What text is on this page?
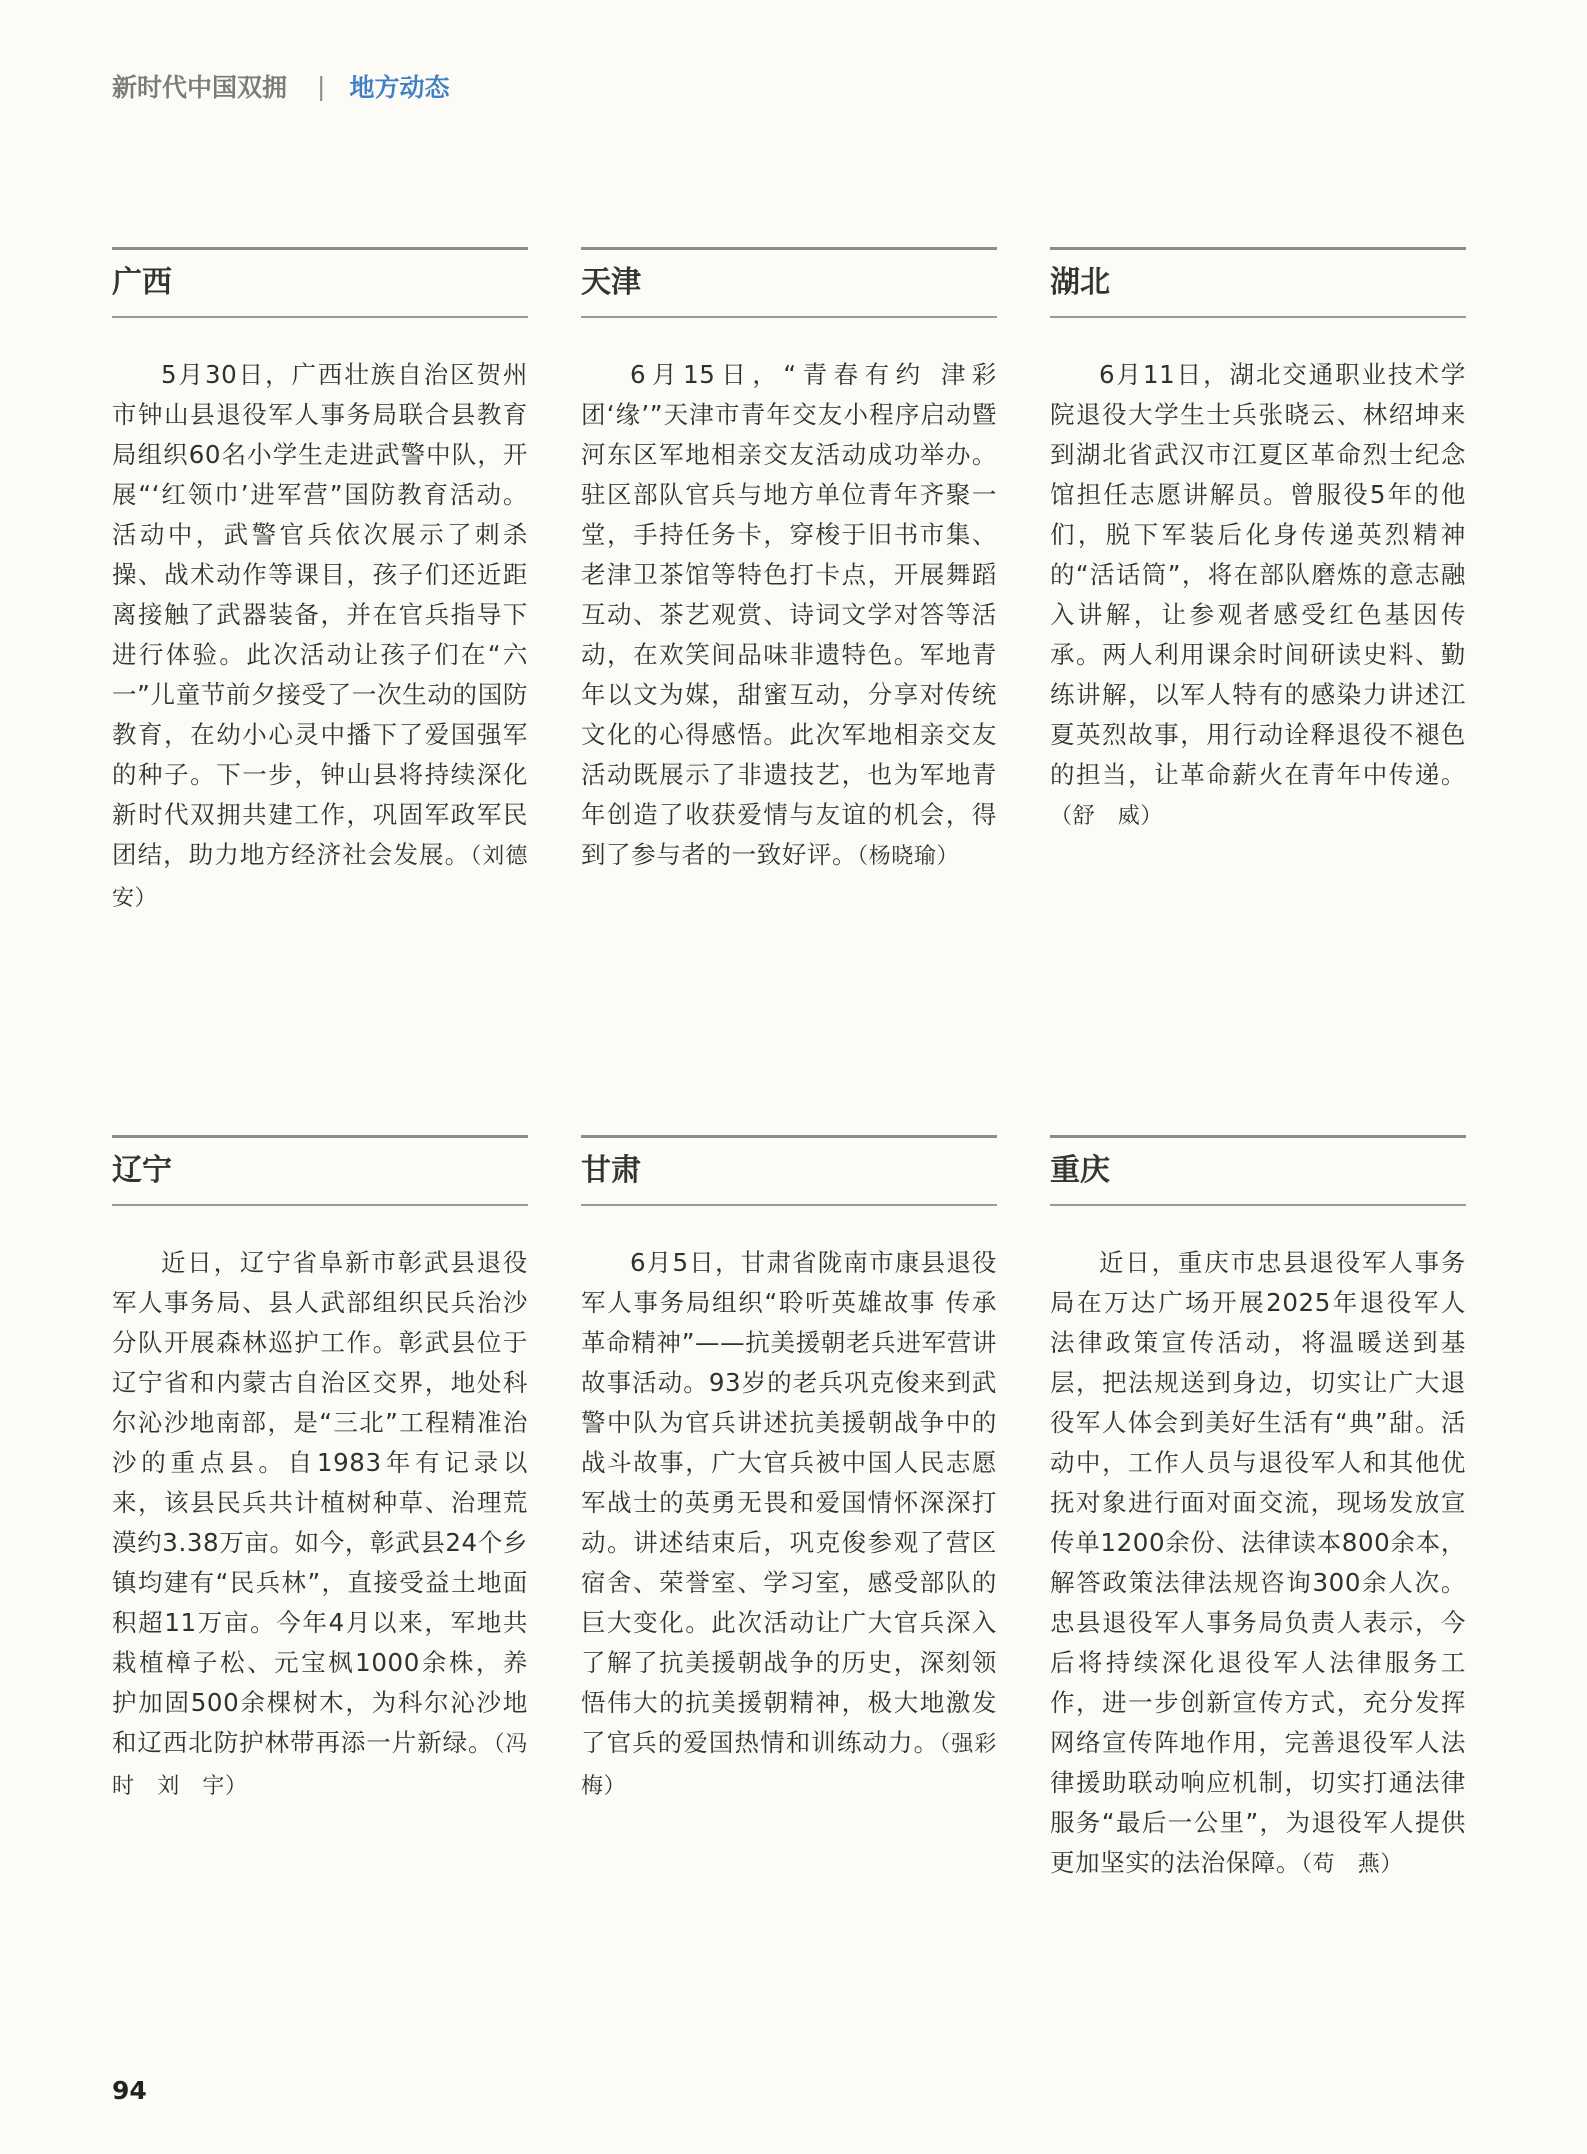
新时代中国双拥 | 地方动态
广西
5月30日，广西壮族自治区贺州市钟山县退役军人事务局联合县教育局组织60名小学生走进武警中队，开展“‘红领巾’进军营”国防教育活动。活动中，武警官兵依次展示了刺杀操、战术动作等课目，孩子们还近距离接触了武器装备，并在官兵指导下进行体验。此次活动让孩子们在“六一”儿童节前夕接受了一次生动的国防教育，在幼小心灵中播下了爱国强军的种子。下一步，钟山县将持续深化新时代双拥共建工作，巩固军政军民团结，助力地方经济社会发展。（刘德安）
天津
6月15日，“青春有约 津彩团‘缘’”天津市青年交友小程序启动暨河东区军地相亲交友活动成功举办。驻区部队官兵与地方单位青年齐聚一堂，手持任务卡，穿梭于旧书市集、老津卫茶馆等特色打卡点，开展舞蹈互动、茶艺观赏、诗词文学对答等活动，在欢笑间品味非遗特色。军地青年以文为媒，甜蜜互动，分享对传统文化的心得感悟。此次军地相亲交友活动既展示了非遗技艺，也为军地青年创造了收获爱情与友谊的机会，得到了参与者的一致好评。（杨晓瑜）
湖北
6月11日，湖北交通职业技术学院退役大学生士兵张晓云、林绍坤来到湖北省武汉市江夏区革命烈士纪念馆担任志愿讲解员。曾服役5年的他们，脱下军装后化身传递英烈精神的“活话筒”，将在部队磨炼的意志融入讲解，让参观者感受红色基因传承。两人利用课余时间研读史料、勤练讲解，以军人特有的感染力讲述江夏英烈故事，用行动诠释退役不褪色的担当，让革命薪火在青年中传递。（舒　威）
辽宁
近日，辽宁省阜新市彰武县退役军人事务局、县人武部组织民兵治沙分队开展森林巡护工作。彰武县位于辽宁省和内蒙古自治区交界，地处科尔沁沙地南部，是“三北”工程精准治沙的重点县。自1983年有记录以来，该县民兵共计植树种草、治理荒漠约3.38万亩。如今，彰武县24个乡镇均建有“民兵林”，直接受益土地面积超11万亩。今年4月以来，军地共栽植樟子松、元宝枫1000余株，养护加固500余棵树木，为科尔沁沙地和辽西北防护林带再添一片新绿。（冯　时　刘　宇）
甘肃
6月5日，甘肃省陇南市康县退役军人事务局组织“聆听英雄故事 传承革命精神”——抗美援朝老兵进军营讲故事活动。93岁的老兵巩克俊来到武警中队为官兵讲述抗美援朝战争中的战斗故事，广大官兵被中国人民志愿军战士的英勇无畏和爱国情怀深深打动。讲述结束后，巩克俊参观了营区宿舍、荣誉室、学习室，感受部队的巨大变化。此次活动让广大官兵深入了解了抗美援朝战争的历史，深刻领悟伟大的抗美援朝精神，极大地激发了官兵的爱国热情和训练动力。（强彩梅）
重庆
近日，重庆市忠县退役军人事务局在万达广场开展2025年退役军人法律政策宣传活动，将温暖送到基层，把法规送到身边，切实让广大退役军人体会到美好生活有“典”甜。活动中，工作人员与退役军人和其他优抚对象进行面对面交流，现场发放宣传单1200余份、法律读本800余本，解答政策法律法规咨询300余人次。忠县退役军人事务局负责人表示，今后将持续深化退役军人法律服务工作，进一步创新宣传方式，充分发挥网络宣传阵地作用，完善退役军人法律援助联动响应机制，切实打通法律服务“最后一公里”，为退役军人提供更加坚实的法治保障。（苟　燕）
94
